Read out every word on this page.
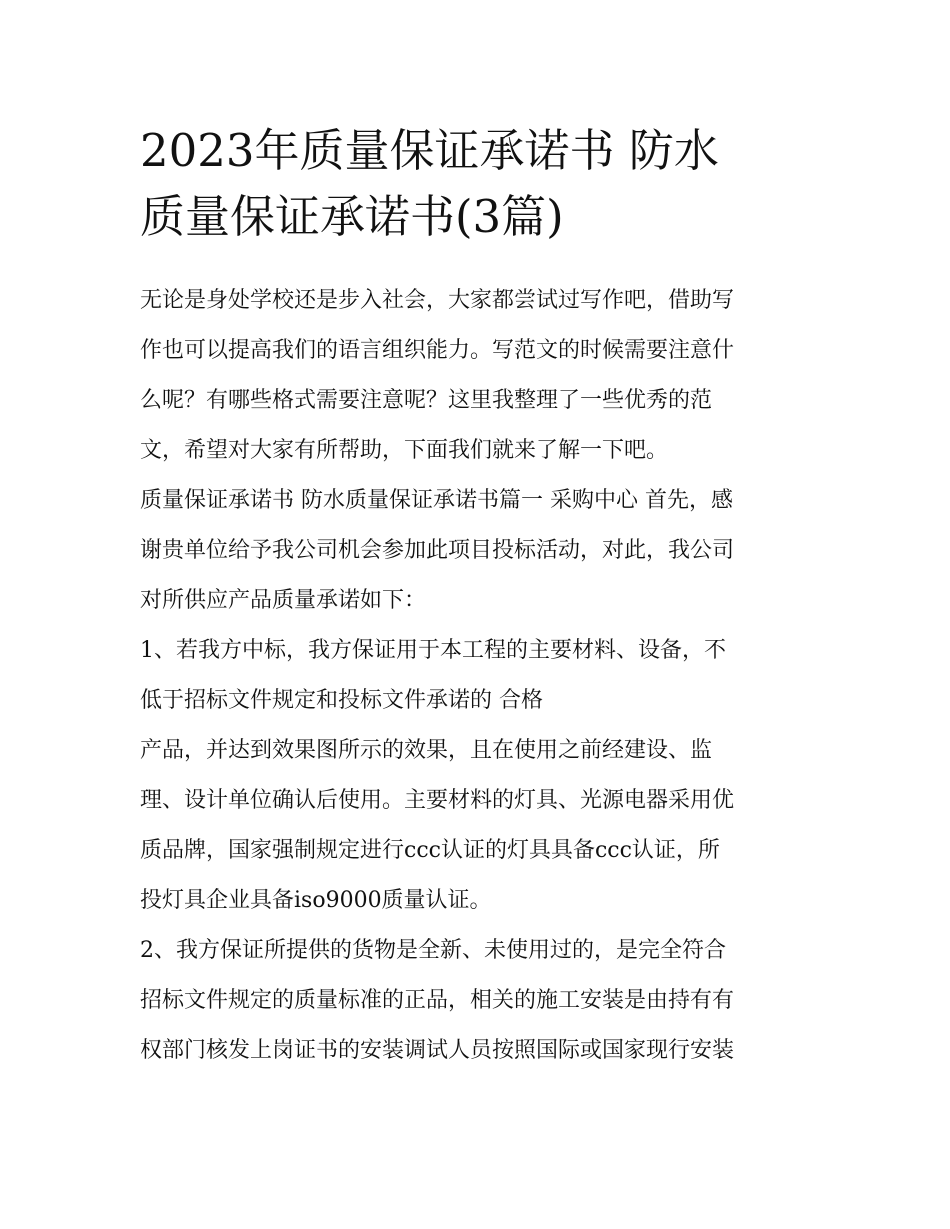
2023年质量保证承诺书 防水
质量保证承诺书(3篇)
无论是身处学校还是步入社会，大家都尝试过写作吧，借助写
作也可以提高我们的语言组织能力。写范文的时候需要注意什
么呢？有哪些格式需要注意呢？这里我整理了一些优秀的范
文，希望对大家有所帮助，下面我们就来了解一下吧。
质量保证承诺书 防水质量保证承诺书篇一 采购中心 首先，感
谢贵单位给予我公司机会参加此项目投标活动，对此，我公司
对所供应产品质量承诺如下：
1、若我方中标，我方保证用于本工程的主要材料、设备，不
低于招标文件规定和投标文件承诺的 合格
产品，并达到效果图所示的效果，且在使用之前经建设、监
理、设计单位确认后使用。主要材料的灯具、光源电器采用优
质品牌，国家强制规定进行ccc认证的灯具具备ccc认证，所
投灯具企业具备iso9000质量认证。
2、我方保证所提供的货物是全新、未使用过的，是完全符合
招标文件规定的质量标准的正品，相关的施工安装是由持有有
权部门核发上岗证书的安装调试人员按照国际或国家现行安装
